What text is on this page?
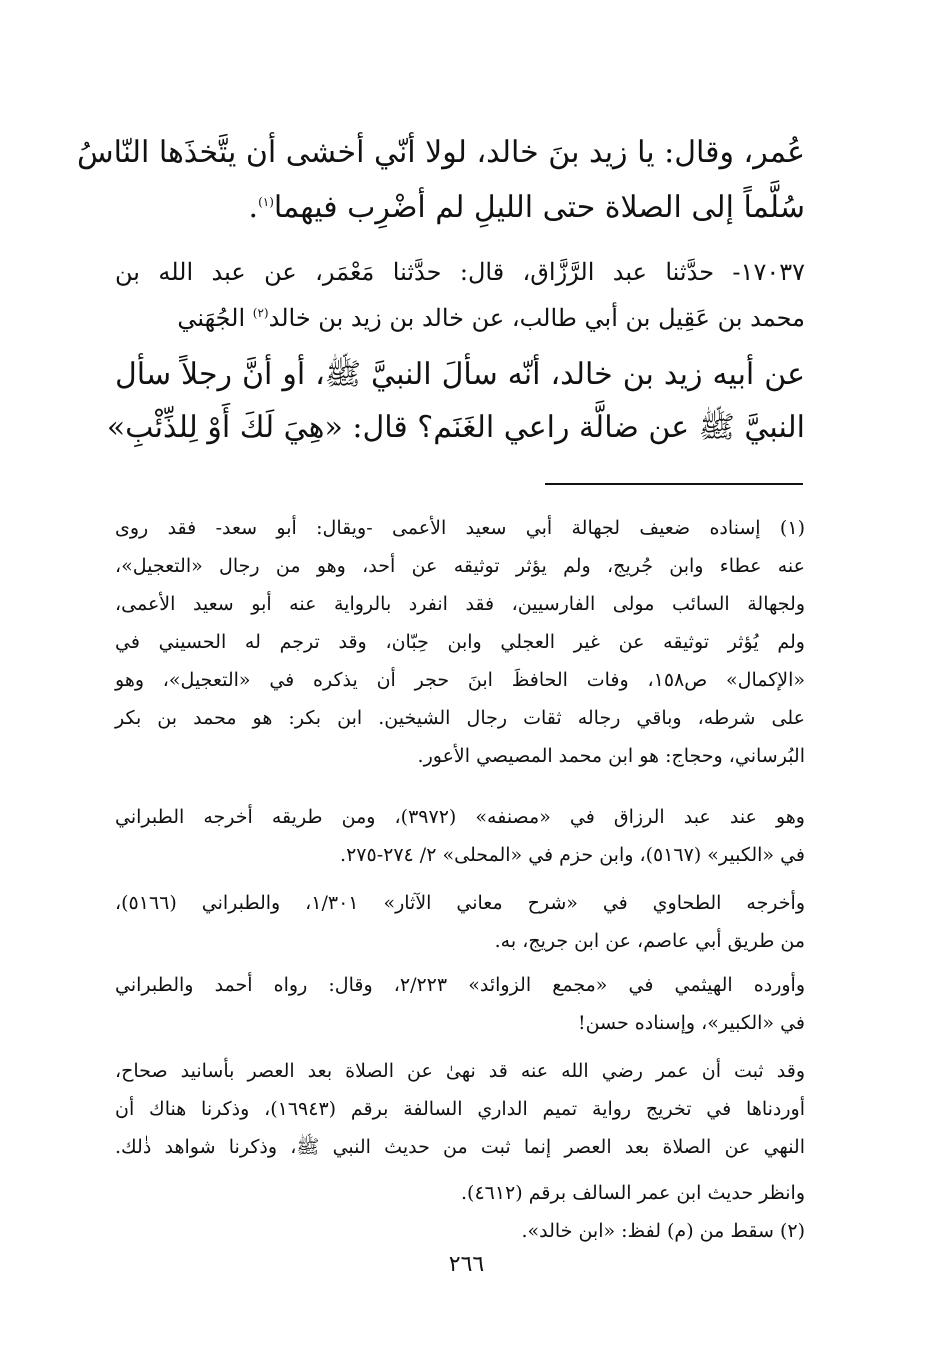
عُمر، وقال: يا زيد بنَ خالد، لولا أنّي أخشى أن يتَّخذَها النّاسُ
سُلَّماً إلى الصلاة حتى الليلِ لم أضْرِب فيهما$^{(١)}$.
١٧٠٣٧- حدَّثنا عبد الرَّزَّاق، قال: حدَّثنا مَعْمَر، عن عبد الله بن
محمد بن عَقِيل بن أبي طالب، عن خالد بن زيد بن خالد$^{(٢)}$ الجُهَني
عن أبيه زيد بن خالد، أنّه سألَ النبيَّ ﷺ، أو أنَّ رجلاً سأل
النبيَّ ﷺ عن ضالَّة راعي الغَنَم؟ قال: «هِيَ لَكَ أَوْ لِلذِّئْبِ»
(١) إسناده ضعيف لجهالة أبي سعيد الأعمى -ويقال: أبو سعد- فقد روى
عنه عطاء وابن جُريج، ولم يؤثر توثيقه عن أحد، وهو من رجال «التعجيل»،
ولجهالة السائب مولى الفارسيين، فقد انفرد بالرواية عنه أبو سعيد الأعمى،
ولم يُؤثر توثيقه عن غير العجلي وابن حِبّان، وقد ترجم له الحسيني في
«الإكمال» ص١٥٨، وفات الحافظَ ابنَ حجر أن يذكره في «التعجيل»، وهو
على شرطه، وباقي رجاله ثقات رجال الشيخين. ابن بكر: هو محمد بن بكر
البُرساني، وحجاج: هو ابن محمد المصيصي الأعور.
وهو عند عبد الرزاق في «مصنفه» (٣٩٧٢)، ومن طريقه أخرجه الطبراني
في «الكبير» (٥١٦٧)، وابن حزم في «المحلى» ٢/ ٢٧٤-٢٧٥.
وأخرجه الطحاوي في «شرح معاني الآثار» ١/٣٠١، والطبراني (٥١٦٦)،
من طريق أبي عاصم، عن ابن جريج، به.
وأورده الهيثمي في «مجمع الزوائد» ٢/٢٢٣، وقال: رواه أحمد والطبراني
في «الكبير»، وإسناده حسن!
وقد ثبت أن عمر رضي الله عنه قد نهىٰ عن الصلاة بعد العصر بأسانيد صحاح،
أوردناها في تخريج رواية تميم الداري السالفة برقم (١٦٩٤٣)، وذكرنا هناك أن
النهي عن الصلاة بعد العصر إنما ثبت من حديث النبي ﷺ، وذكرنا شواهد ذٰلك.
وانظر حديث ابن عمر السالف برقم (٤٦١٢).
(٢) سقط من (م) لفظ: «ابن خالد».
٢٦٦
